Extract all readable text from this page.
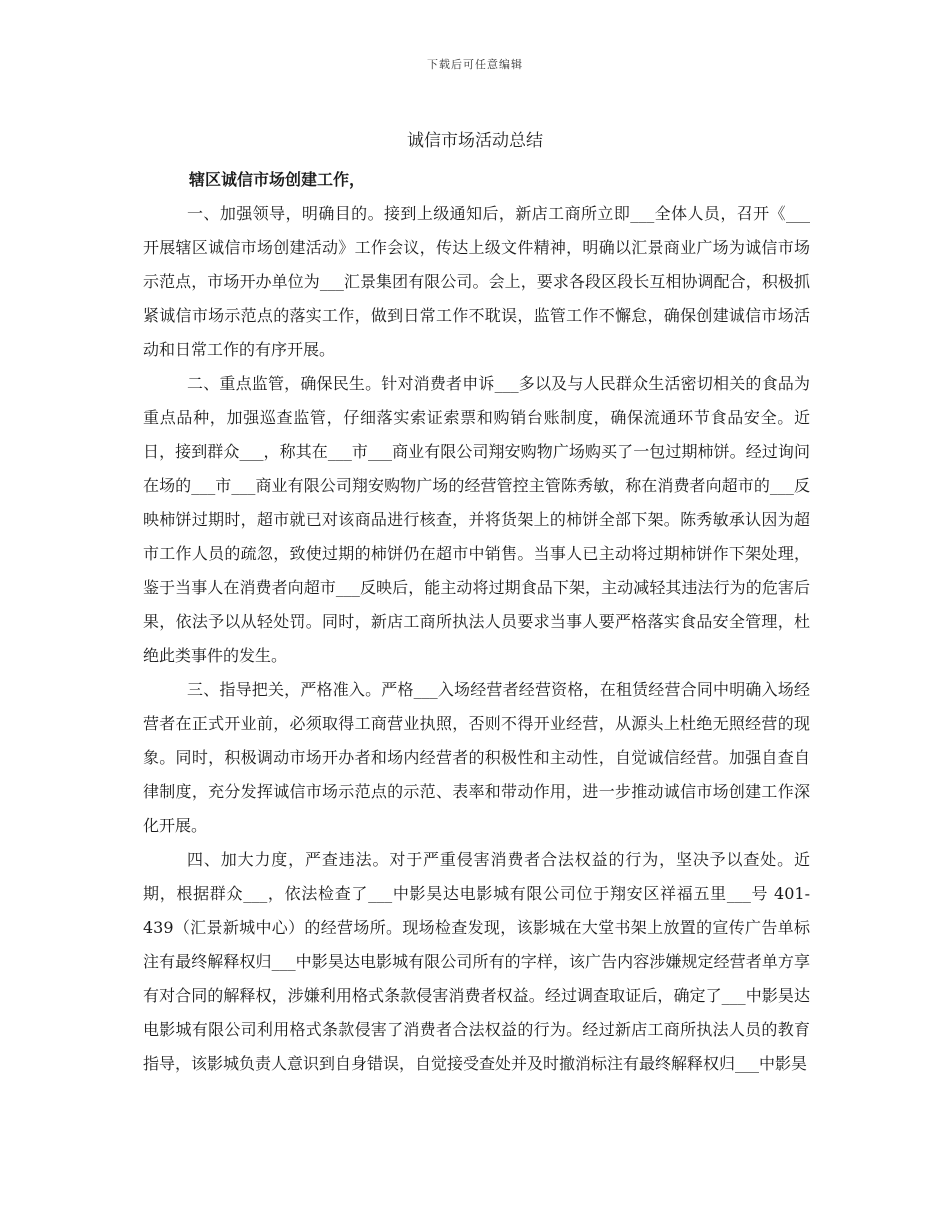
下载后可任意编辑
诚信市场活动总结
辖区诚信市场创建工作，

一、加强领导，明确目的。接到上级通知后，新店工商所立即___全体人员，召开《___开展辖区诚信市场创建活动》工作会议，传达上级文件精神，明确以汇景商业广场为诚信市场示范点，市场开办单位为___汇景集团有限公司。会上，要求各段区段长互相协调配合，积极抓紧诚信市场示范点的落实工作，做到日常工作不耽误，监管工作不懈怠，确保创建诚信市场活动和日常工作的有序开展。

二、重点监管，确保民生。针对消费者申诉___多以及与人民群众生活密切相关的食品为重点品种，加强巡查监管，仔细落实索证索票和购销台账制度，确保流通环节食品安全。近日，接到群众___，称其在___市___商业有限公司翔安购物广场购买了一包过期柿饼。经过询问在场的___市___商业有限公司翔安购物广场的经营管控主管陈秀敏，称在消费者向超市的___反映柿饼过期时，超市就已对该商品进行核查，并将货架上的柿饼全部下架。陈秀敏承认因为超市工作人员的疏忽，致使过期的柿饼仍在超市中销售。当事人已主动将过期柿饼作下架处理，鉴于当事人在消费者向超市___反映后，能主动将过期食品下架，主动减轻其违法行为的危害后果，依法予以从轻处罚。同时，新店工商所执法人员要求当事人要严格落实食品安全管理，杜绝此类事件的发生。

三、指导把关，严格准入。严格___入场经营者经营资格，在租赁经营合同中明确入场经营者在正式开业前，必须取得工商营业执照，否则不得开业经营，从源头上杜绝无照经营的现象。同时，积极调动市场开办者和场内经营者的积极性和主动性，自觉诚信经营。加强自查自律制度，充分发挥诚信市场示范点的示范、表率和带动作用，进一步推动诚信市场创建工作深化开展。

四、加大力度，严查违法。对于严重侵害消费者合法权益的行为，坚决予以查处。近期，根据群众___，依法检查了___中影昊达电影城有限公司位于翔安区祥福五里___号 401-439（汇景新城中心）的经营场所。现场检查发现，该影城在大堂书架上放置的宣传广告单标注有最终解释权归___中影昊达电影城有限公司所有的字样，该广告内容涉嫌规定经营者单方享有对合同的解释权，涉嫌利用格式条款侵害消费者权益。经过调查取证后，确定了___中影昊达电影城有限公司利用格式条款侵害了消费者合法权益的行为。经过新店工商所执法人员的教育指导，该影城负责人意识到自身错误，自觉接受查处并及时撤消标注有最终解释权归___中影昊
